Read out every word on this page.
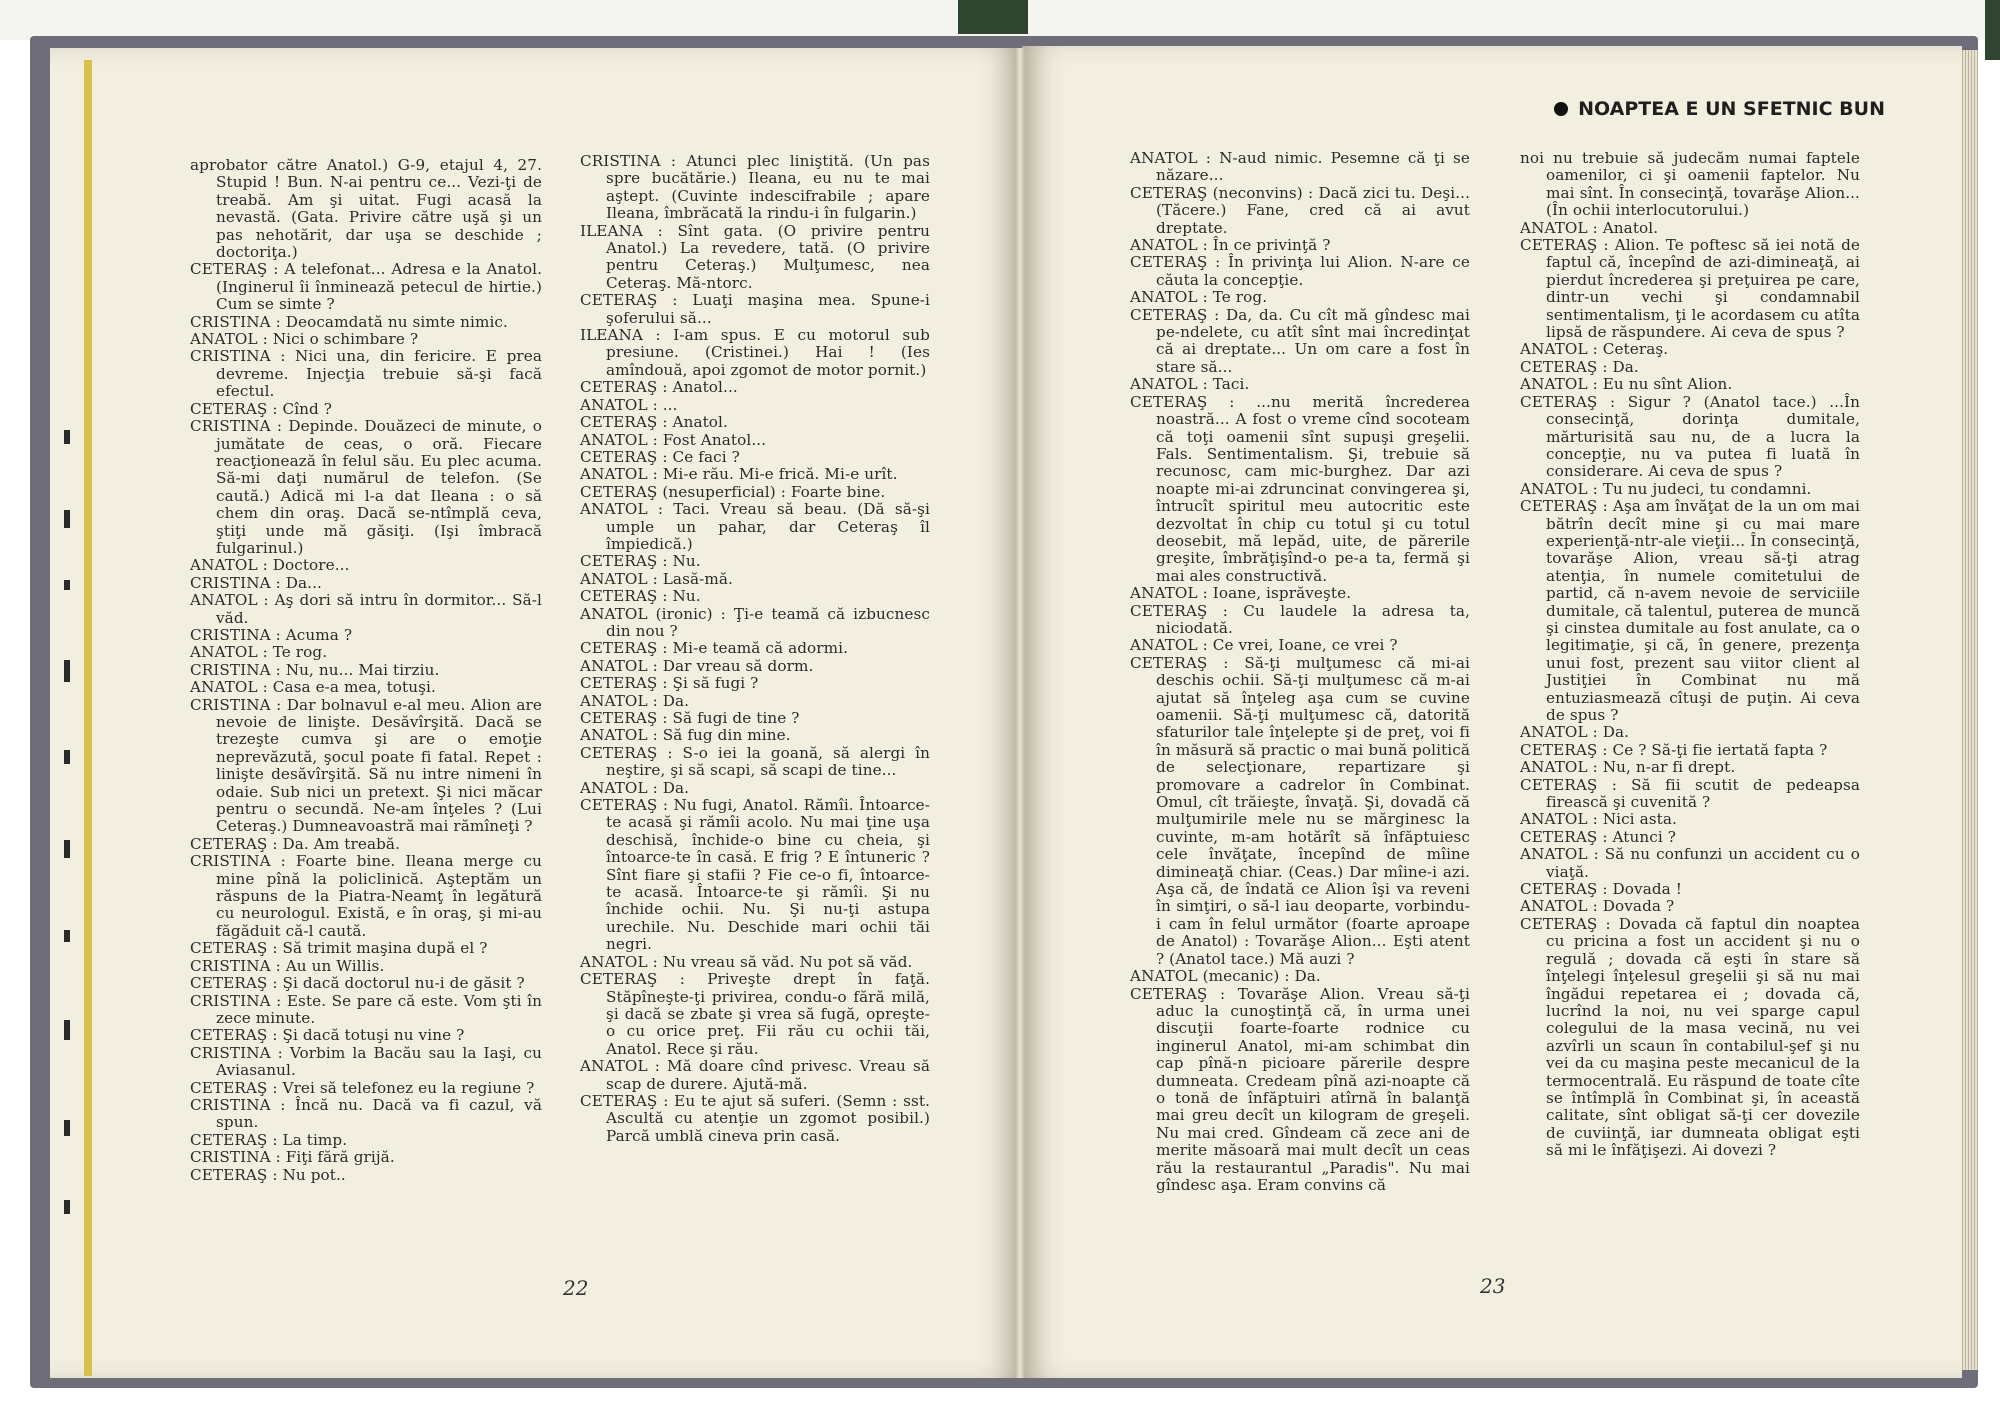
NOAPTEA E UN SFETNIC BUN

aprobator către Anatol.) G-9, etajul 4, 27. Stupid ! Bun. N-ai pentru ce... Vezi-ţi de treabă. Am şi uitat. Fugi acasă la nevastă. (Gata. Privire către uşă şi un pas nehotărit, dar uşa se deschide ; doctoriţa.)
CETERAŞ : A telefonat... Adresa e la Anatol. (Inginerul îi înminează petecul de hirtie.) Cum se simte ?
CRISTINA : Deocamdată nu simte nimic.
ANATOL : Nici o schimbare ?
CRISTINA : Nici una, din fericire. E prea devreme. Injecţia trebuie să-şi facă efectul.
CETERAŞ : Cînd ?
CRISTINA : Depinde. Douăzeci de minute, o jumătate de ceas, o oră. Fiecare reacţionează în felul său. Eu plec acuma. Să-mi daţi numărul de telefon. (Se caută.) Adică mi l-a dat Ileana : o să chem din oraş. Dacă se-ntîmplă ceva, ştiţi unde mă găsiţi. (Işi îmbracă fulgarinul.)
ANATOL : Doctore...
CRISTINA : Da...
ANATOL : Aş dori să intru în dormitor... Să-l văd.
CRISTINA : Acuma ?
ANATOL : Te rog.
CRISTINA : Nu, nu... Mai tirziu.
ANATOL : Casa e-a mea, totuşi.
CRISTINA : Dar bolnavul e-al meu. Alion are nevoie de linişte. Desăvîrşită. Dacă se trezeşte cumva şi are o emoţie neprevăzută, şocul poate fi fatal. Repet : linişte desăvîrşită. Să nu intre nimeni în odaie. Sub nici un pretext. Şi nici măcar pentru o secundă. Ne-am înţeles ? (Lui Ceteraş.) Dumneavoastră mai rămîneţi ?
CETERAŞ : Da. Am treabă.
CRISTINA : Foarte bine. Ileana merge cu mine pînă la policlinică. Aşteptăm un răspuns de la Piatra-Neamţ în legătură cu neurologul. Există, e în oraş, şi mi-au făgăduit că-l caută.
CETERAŞ : Să trimit maşina după el ?
CRISTINA : Au un Willis.
CETERAŞ : Şi dacă doctorul nu-i de găsit ?
CRISTINA : Este. Se pare că este. Vom şti în zece minute.
CETERAŞ : Şi dacă totuşi nu vine ?
CRISTINA : Vorbim la Bacău sau la Iaşi, cu Aviasanul.
CETERAŞ : Vrei să telefonez eu la regiune ?
CRISTINA : Încă nu. Dacă va fi cazul, vă spun.
CETERAŞ : La timp.
CRISTINA : Fiţi fără grijă.
CETERAŞ : Nu pot..

CRISTINA : Atunci plec liniştită. (Un pas spre bucătărie.) Ileana, eu nu te mai aştept. (Cuvinte indescifrabile ; apare Ileana, îmbrăcată la rindu-i în fulgarin.)
ILEANA : Sînt gata. (O privire pentru Anatol.) La revedere, tată. (O privire pentru Ceteraş.) Mulţumesc, nea Ceteraş. Mă-ntorc.
CETERAŞ : Luaţi maşina mea. Spune-i şoferului să...
ILEANA : I-am spus. E cu motorul sub presiune. (Cristinei.) Hai ! (Ies amîndouă, apoi zgomot de motor pornit.)
CETERAŞ : Anatol...
ANATOL : ...
CETERAŞ : Anatol.
ANATOL : Fost Anatol...
CETERAŞ : Ce faci ?
ANATOL : Mi-e rău. Mi-e frică. Mi-e urît.
CETERAŞ (nesuperficial) : Foarte bine.
ANATOL : Taci. Vreau să beau. (Dă să-şi umple un pahar, dar Ceteraş îl împiedică.)
CETERAŞ : Nu.
ANATOL : Lasă-mă.
CETERAŞ : Nu.
ANATOL (ironic) : Ţi-e teamă că izbucnesc din nou ?
CETERAŞ : Mi-e teamă că adormi.
ANATOL : Dar vreau să dorm.
CETERAŞ : Şi să fugi ?
ANATOL : Da.
CETERAŞ : Să fugi de tine ?
ANATOL : Să fug din mine.
CETERAŞ : S-o iei la goană, să alergi în neştire, şi să scapi, să scapi de tine...
ANATOL : Da.
CETERAŞ : Nu fugi, Anatol. Rămîi. Întoarce-te acasă şi rămîi acolo. Nu mai ţine uşa deschisă, închide-o bine cu cheia, şi întoarce-te în casă. E frig ? E întuneric ? Sînt fiare şi stafii ? Fie ce-o fi, întoarce-te acasă. Întoarce-te şi rămîi. Şi nu închide ochii. Nu. Şi nu-ţi astupa urechile. Nu. Deschide mari ochii tăi negri.
ANATOL : Nu vreau să văd. Nu pot să văd.
CETERAŞ : Priveşte drept în faţă. Stăpîneşte-ţi privirea, condu-o fără milă, şi dacă se zbate şi vrea să fugă, opreşte-o cu orice preţ. Fii rău cu ochii tăi, Anatol. Rece şi rău.
ANATOL : Mă doare cînd privesc. Vreau să scap de durere. Ajută-mă.
CETERAŞ : Eu te ajut să suferi. (Semn : sst. Ascultă cu atenţie un zgomot posibil.) Parcă umblă cineva prin casă.

ANATOL : N-aud nimic. Pesemne că ţi se năzare...
CETERAŞ (neconvins) : Dacă zici tu. Deşi... (Tăcere.) Fane, cred că ai avut dreptate.
ANATOL : În ce privinţă ?
CETERAŞ : În privinţa lui Alion. N-are ce căuta la concepţie.
ANATOL : Te rog.
CETERAŞ : Da, da. Cu cît mă gîndesc mai pe-ndelete, cu atît sînt mai încredinţat că ai dreptate... Un om care a fost în stare să...
ANATOL : Taci.
CETERAŞ : ...nu merită încrederea noastră... A fost o vreme cînd socoteam că toţi oamenii sînt supuşi greşelii. Fals. Sentimentalism. Şi, trebuie să recunosc, cam mic-burghez. Dar azi noapte mi-ai zdruncinat convingerea şi, întrucît spiritul meu autocritic este dezvoltat în chip cu totul şi cu totul deosebit, mă lepăd, uite, de părerile greşite, îmbrăţişînd-o pe-a ta, fermă şi mai ales constructivă.
ANATOL : Ioane, isprăveşte.
CETERAŞ : Cu laudele la adresa ta, niciodată.
ANATOL : Ce vrei, Ioane, ce vrei ?
CETERAŞ : Să-ţi mulţumesc că mi-ai deschis ochii. Să-ţi mulţumesc că m-ai ajutat să înţeleg aşa cum se cuvine oamenii. Să-ţi mulţumesc că, datorită sfaturilor tale înţelepte şi de preţ, voi fi în măsură să practic o mai bună politică de selecţionare, repartizare şi promovare a cadrelor în Combinat. Omul, cît trăieşte, învaţă. Şi, dovadă că mulţumirile mele nu se mărginesc la cuvinte, m-am hotărît să înfăptuiesc cele învăţate, începînd de mîine dimineaţă chiar. (Ceas.) Dar mîine-i azi. Aşa că, de îndată ce Alion îşi va reveni în simţiri, o să-l iau deoparte, vorbindu-i cam în felul următor (foarte aproape de Anatol) : Tovarăşe Alion... Eşti atent ? (Anatol tace.) Mă auzi ?
ANATOL (mecanic) : Da.
CETERAŞ : Tovarăşe Alion. Vreau să-ţi aduc la cunoştinţă că, în urma unei discuţii foarte-foarte rodnice cu inginerul Anatol, mi-am schimbat din cap pînă-n picioare părerile despre dumneata. Credeam pînă azi-noapte că o tonă de înfăptuiri atîrnă în balanţă mai greu decît un kilogram de greşeli. Nu mai cred. Gîndeam că zece ani de merite măsoară mai mult decît un ceas rău la restaurantul „Paradis". Nu mai gîndesc aşa. Eram convins că

noi nu trebuie să judecăm numai faptele oamenilor, ci şi oamenii faptelor. Nu mai sînt. În consecinţă, tovarăşe Alion... (În ochii interlocutorului.)
ANATOL : Anatol.
CETERAŞ : Alion. Te poftesc să iei notă de faptul că, începînd de azi-dimineaţă, ai pierdut încrederea şi preţuirea pe care, dintr-un vechi şi condamnabil sentimentalism, ţi le acordasem cu atîta lipsă de răspundere. Ai ceva de spus ?
ANATOL : Ceteraş.
CETERAŞ : Da.
ANATOL : Eu nu sînt Alion.
CETERAŞ : Sigur ? (Anatol tace.) ...În consecinţă, dorinţa dumitale, mărturisită sau nu, de a lucra la concepţie, nu va putea fi luată în considerare. Ai ceva de spus ?
ANATOL : Tu nu judeci, tu condamni.
CETERAŞ : Aşa am învăţat de la un om mai bătrîn decît mine şi cu mai mare experienţă-ntr-ale vieţii... În consecinţă, tovarăşe Alion, vreau să-ţi atrag atenţia, în numele comitetului de partid, că n-avem nevoie de serviciile dumitale, că talentul, puterea de muncă şi cinstea dumitale au fost anulate, ca o legitimaţie, şi că, în genere, prezenţa unui fost, prezent sau viitor client al Justiţiei în Combinat nu mă entuziasmează cîtuşi de puţin. Ai ceva de spus ?
ANATOL : Da.
CETERAŞ : Ce ? Să-ţi fie iertată fapta ?
ANATOL : Nu, n-ar fi drept.
CETERAŞ : Să fii scutit de pedeapsa firească şi cuvenită ?
ANATOL : Nici asta.
CETERAŞ : Atunci ?
ANATOL : Să nu confunzi un accident cu o viaţă.
CETERAŞ : Dovada !
ANATOL : Dovada ?
CETERAŞ : Dovada că faptul din noaptea cu pricina a fost un accident şi nu o regulă ; dovada că eşti în stare să înţelegi înţelesul greşelii şi să nu mai îngădui repetarea ei ; dovada că, lucrînd la noi, nu vei sparge capul colegului de la masa vecină, nu vei azvîrli un scaun în contabilul-şef şi nu vei da cu maşina peste mecanicul de la termocentrală. Eu răspund de toate cîte se întîmplă în Combinat şi, în această calitate, sînt obligat să-ţi cer dovezile de cuviinţă, iar dumneata obligat eşti să mi le înfăţişezi. Ai dovezi ?

22	23
